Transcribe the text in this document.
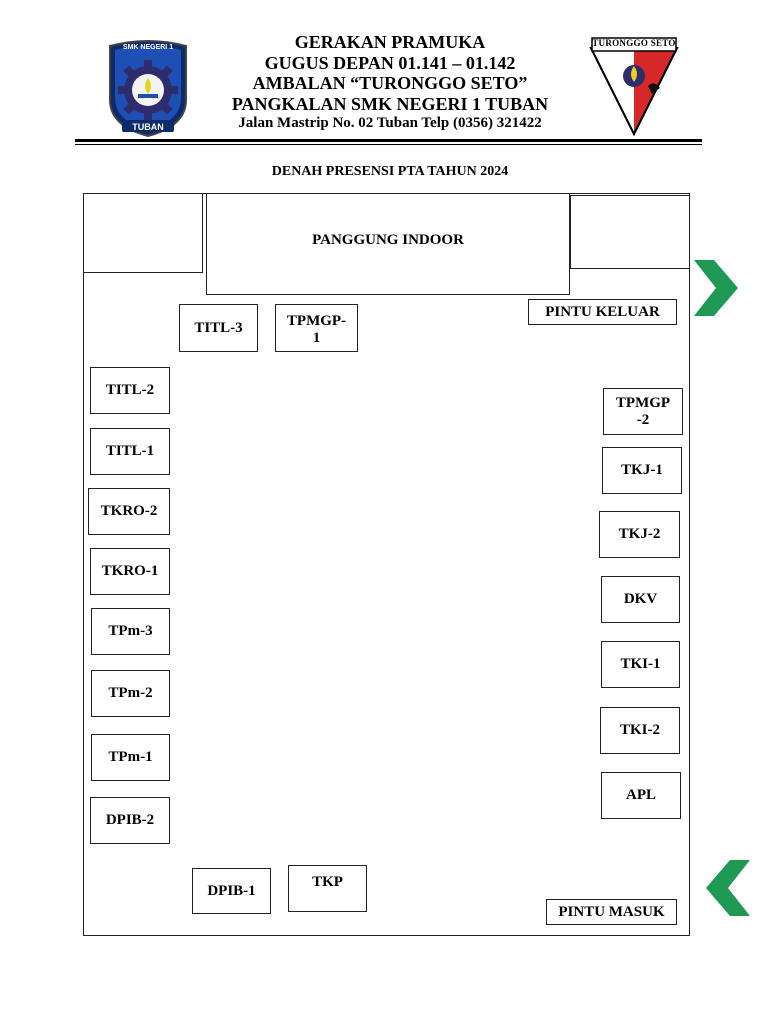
SMK NEGERI 1
TUBAN
GERAKAN PRAMUKA
GUGUS DEPAN 01.141 – 01.142
AMBALAN “TURONGGO SETO”
PANGKALAN SMK NEGERI 1 TUBAN
Jalan Mastrip No. 02 Tuban Telp (0356) 321422
TURONGGO SETO
DENAH PRESENSI PTA TAHUN 2024
PANGGUNG INDOOR
PINTU KELUAR
PINTU MASUK
TITL-3	TPMGP-
1
TITL-2
TITL-1
TKRO-2
TKRO-1
TPm-3
TPm-2
TPm-1
DPIB-2
TPMGP
-2
TKJ-1
TKJ-2
DKV
TKI-1
TKI-2
APL
DPIB-1
TKP
